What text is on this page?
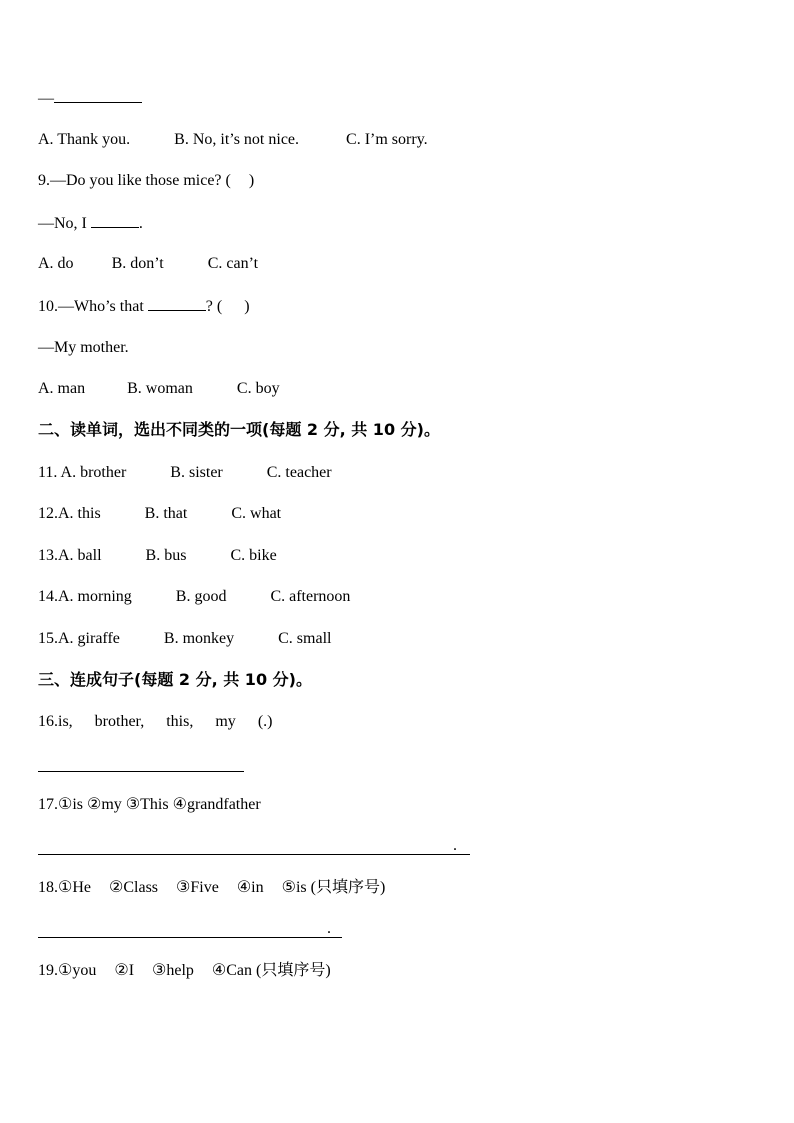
—
A. Thank you.	B. No, it’s not nice.	C. I’m sorry.
9.—Do you like those mice? ( )
—No, I	.
A. do B. don’t	C. can’t
10.—Who’s that	? ( )
—My mother.
A. man	B. woman	C. boy
二、读单词，选出不同类的一项(每题 2 分, 共 10 分)。
11. A. brother	B. sister	C. teacher
12.A. this	B. that	C. what
13.A. ball	B. bus	C. bike
14.A. morning	B. good	C. afternoon
15.A. giraffe	B. monkey	C. small
三、连成句子(每题 2 分, 共 10 分)。
16.is, brother, this, my (.)
17.①is ②my ③This ④grandfather
.
18.①He ②Class ③Five ④in ⑤is (只填序号)
.
19.①you ②I ③help ④Can (只填序号)
